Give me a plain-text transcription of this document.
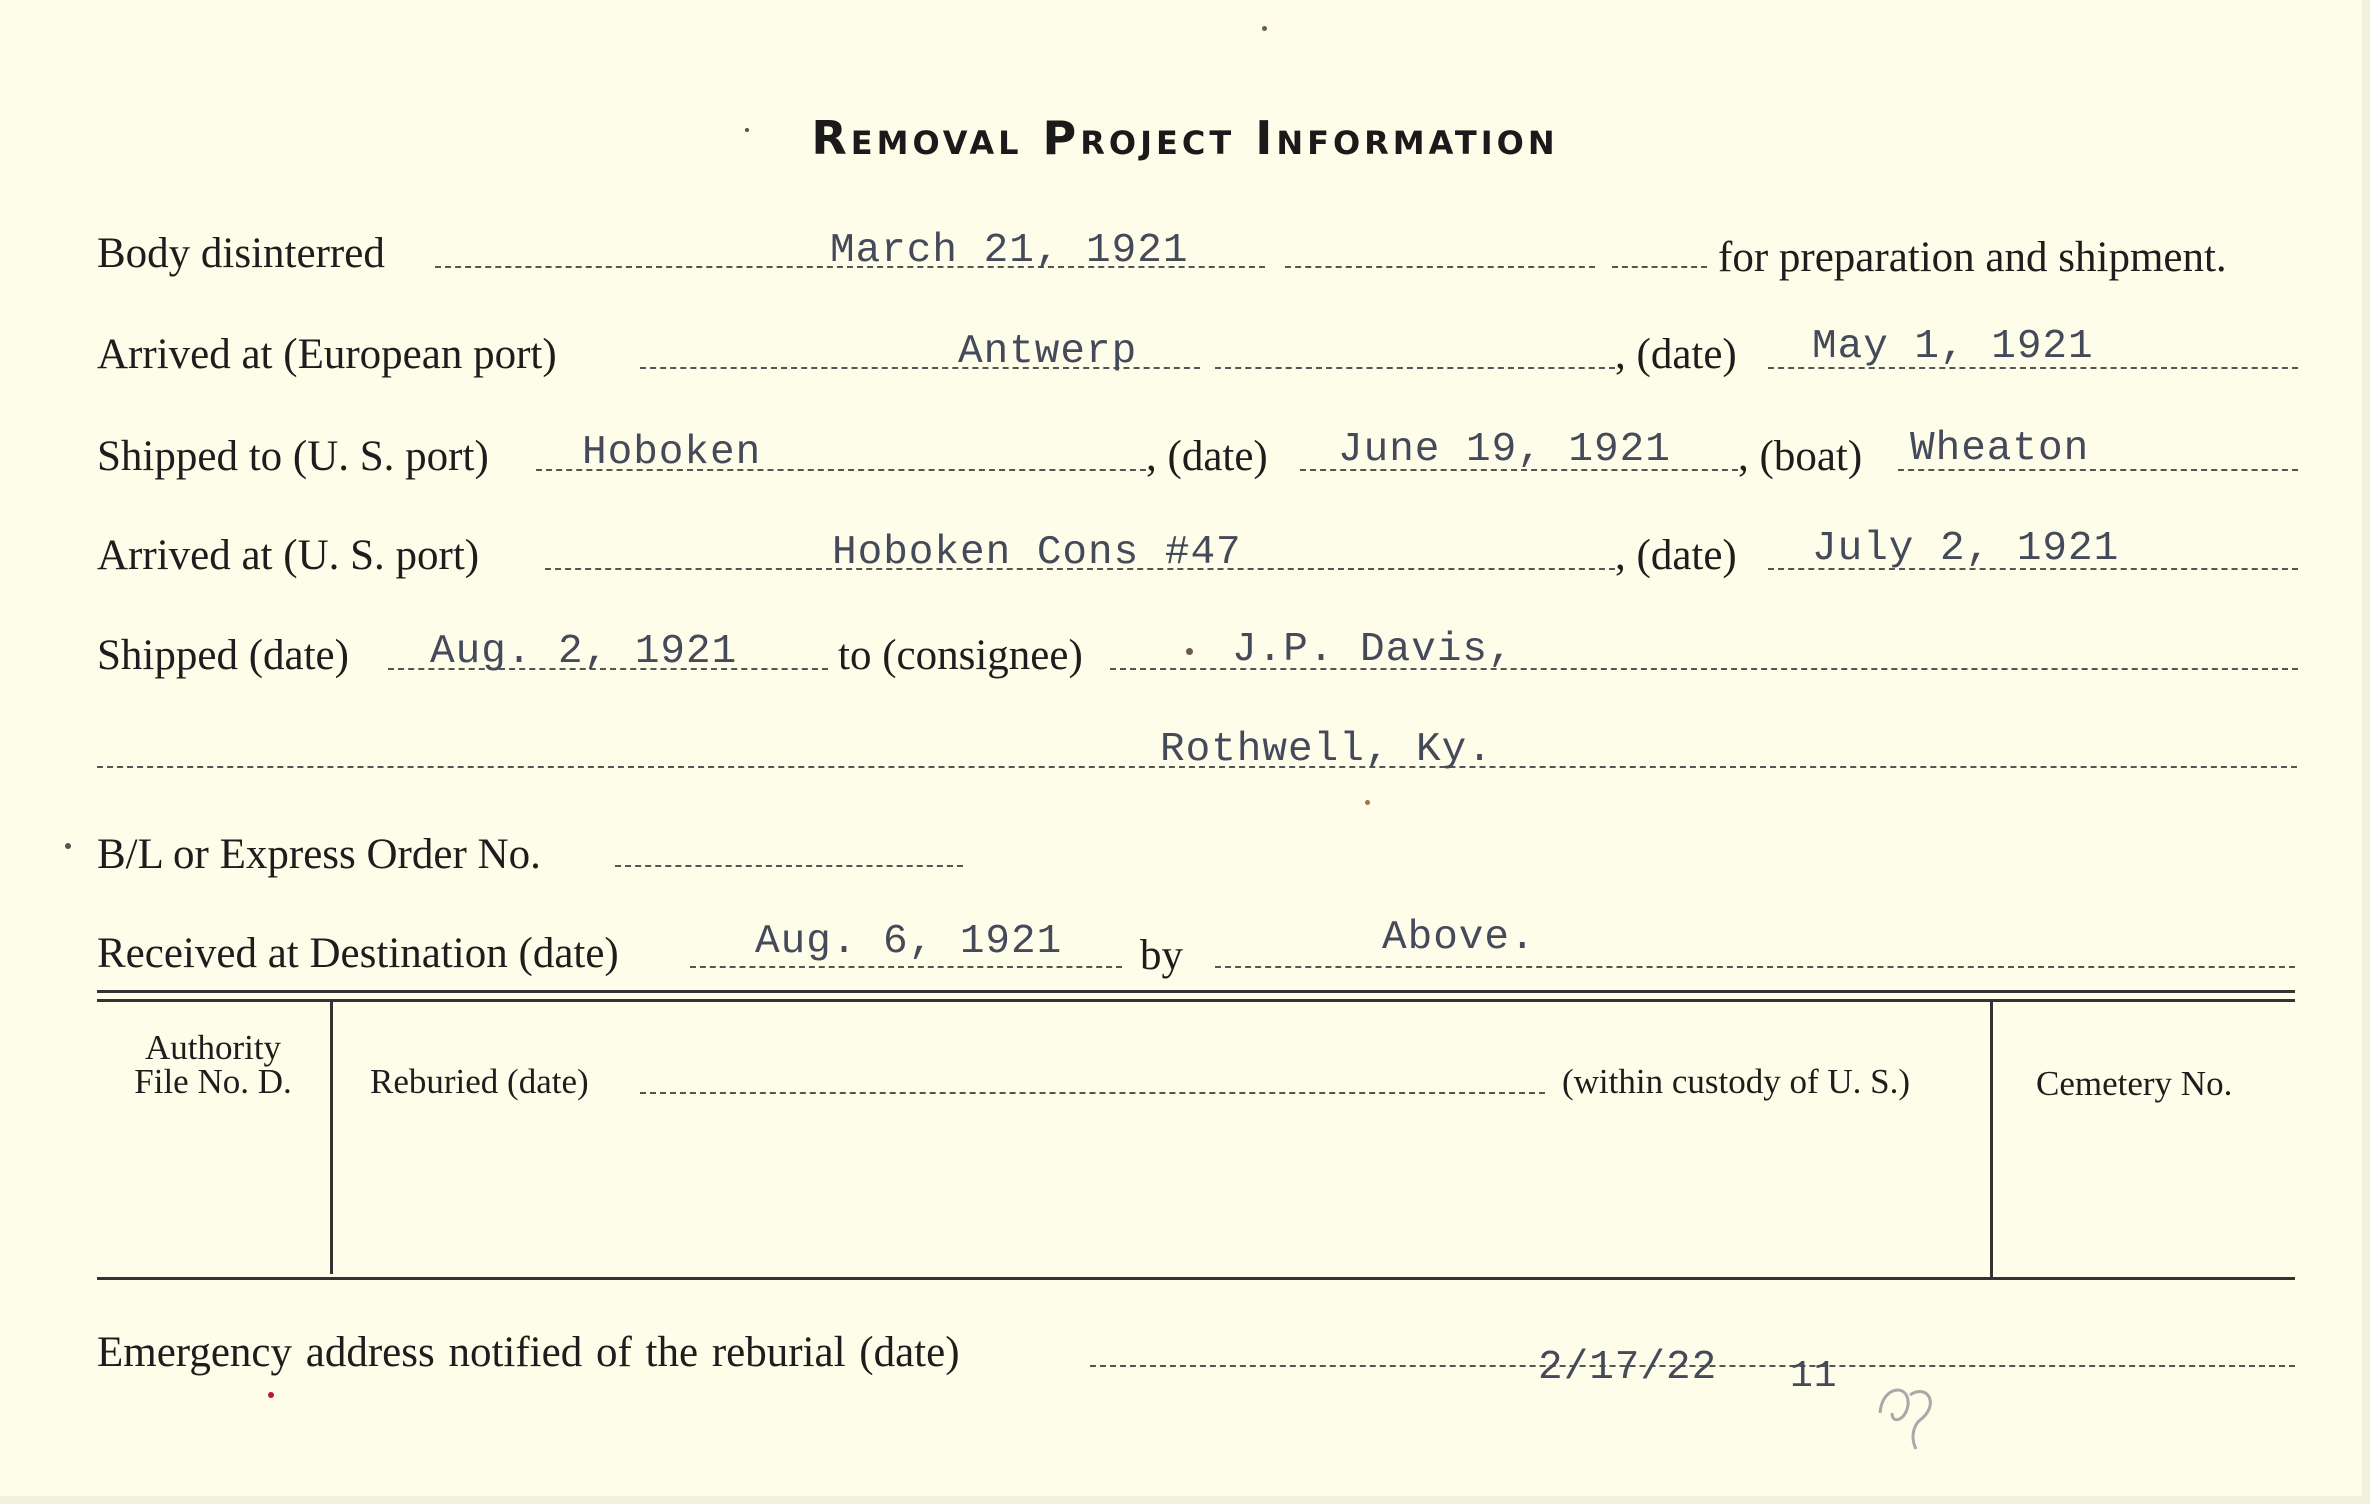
Removal Project Information
Body disinterred	March 21, 1921	for preparation and shipment.
Arrived at (European port)	Antwerp	, (date) May 1, 1921
Shipped to (U. S. port) Hoboken	, (date) June 19, 1921 , (boat) Wheaton
Arrived at (U. S. port)	Hoboken Cons #47	, (date) July 2, 1921
Shipped (date) Aug. 2, 1921 to (consignee)	J.P. Davis,
Rothwell, Ky.
B/L or Express Order No.
Received at Destination (date)	Aug. 6, 1921 by	Above.
Authority
File No. D.	Reburied (date)	(within custody of U. S.)	Cemetery No.
Emergency address notified of the reburial (date)	2/17/22 11
